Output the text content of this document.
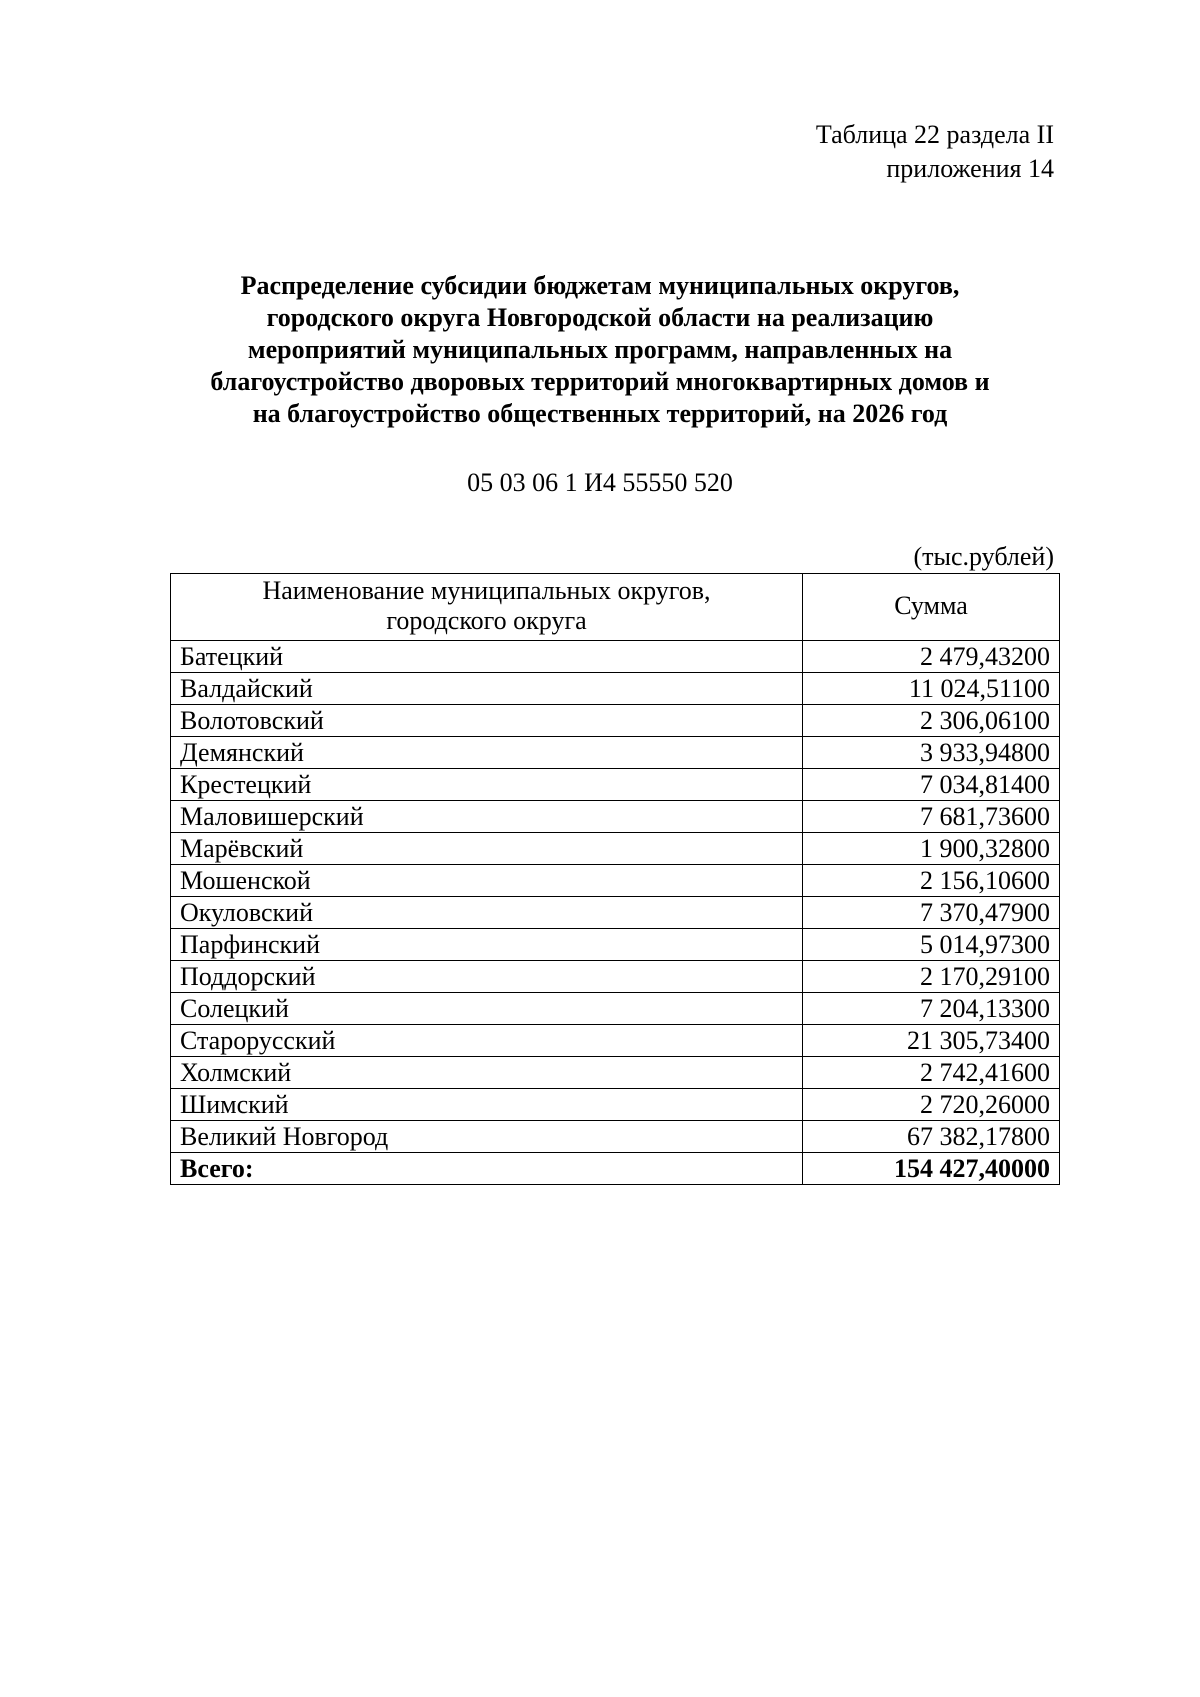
Таблица 22 раздела II
приложения 14
Распределение субсидии бюджетам муниципальных округов,
городского округа Новгородской области на реализацию
мероприятий муниципальных программ, направленных на
благоустройство дворовых территорий многоквартирных домов и
на благоустройство общественных территорий, на 2026 год
05 03 06 1 И4 55550 520
(тыс.рублей)
Наименование муниципальных округов,
городского округа	Сумма
Батецкий	2 479,43200
Валдайский	11 024,51100
Волотовский	2 306,06100
Демянский	3 933,94800
Крестецкий	7 034,81400
Маловишерский	7 681,73600
Марёвский	1 900,32800
Мошенской	2 156,10600
Окуловский	7 370,47900
Парфинский	5 014,97300
Поддорский	2 170,29100
Солецкий	7 204,13300
Старорусский	21 305,73400
Холмский	2 742,41600
Шимский	2 720,26000
Великий Новгород	67 382,17800
Всего:	154 427,40000
